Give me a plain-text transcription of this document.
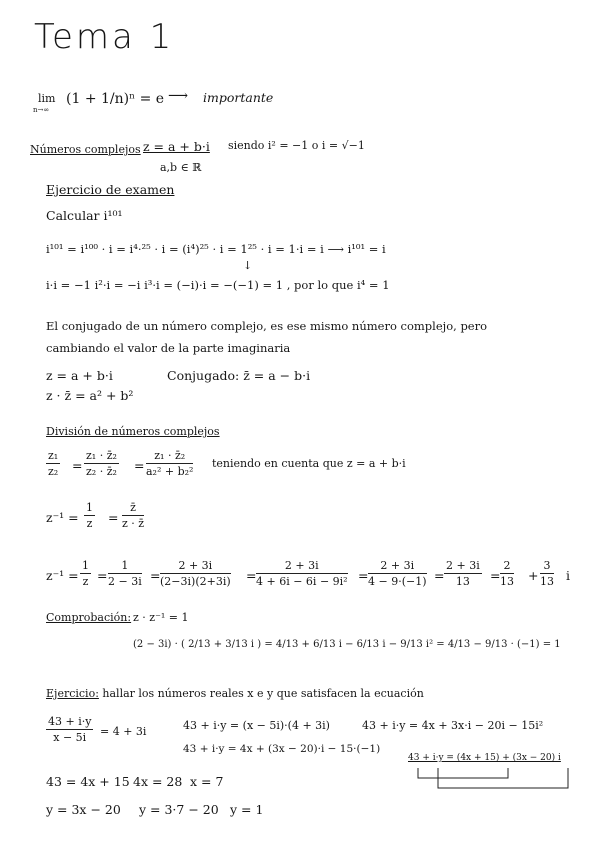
Tema 1
lim
n→∞
(1 + 1/n)ⁿ = e ⟶ importante
Números complejos z = a + b·i
a,b ∈ ℝ
siendo i² = −1 o i = √−1
Ejercicio de examen
Calcular i¹⁰¹
i¹⁰¹ = i¹⁰⁰ · i = i⁴·²⁵ · i = (i⁴)²⁵ · i = 1²⁵ · i = 1·i = i ⟶ i¹⁰¹ = i
↓
i·i = −1 i²·i = −i i³·i = (−i)·i = −(−1) = 1 , por lo que i⁴ = 1
El conjugado de un número complejo, es ese mismo número complejo, pero
cambiando el valor de la parte imaginaria
z = a + b·i	Conjugado: z̄ = a − b·i
z · z̄ = a² + b²
División de números complejos
$\frac{\text{z₁}}{\text{z₂}} = \frac{\text{z₁ · z̄₂}}{\text{z₂ · z̄₂}} = \frac{\text{z₁ · z̄₂}}{\text{a₂² + b₂²}}$ teniendo en cuenta que z = a + b·i
$z^{-1} = \frac{1}{z} = \frac{z̄}{z \cdot z̄}$
$z^{-1} = \frac{1}{z} = \frac{1}{2 - 3i} = \frac{2 + 3i}{(2-3i)(2+3i)} = \frac{2 + 3i}{\text{4 + 6i − 6i − 9i²}} = \frac{2 + 3i}{4 - 9\cdot(-1)} = \frac{2 + 3i}{13} = \frac{2}{13} + \frac{3}{13}$ i
Comprobación: z · z⁻¹ = 1
(2 − 3i) · ( 2/13 + 3/13 i ) = 4/13 + 6/13 i − 6/13 i − 9/13 i² = 4/13 − 9/13 · (−1) = 1
Ejercicio: hallar los números reales x e y que satisfacen la ecuación
$\frac{43 + i\cdot y}{x - 5i} = 4 + 3i$	43 + i·y = (x − 5i)·(4 + 3i)	43 + i·y = 4x + 3x·i − 20i − 15i²
43 + i·y = 4x + (3x − 20)·i − 15·(−1)
43 + i·y = (4x + 15) + (3x − 20) i
43 = 4x + 15 4x = 28 x = 7
y = 3x − 20 y = 3·7 − 20 y = 1
